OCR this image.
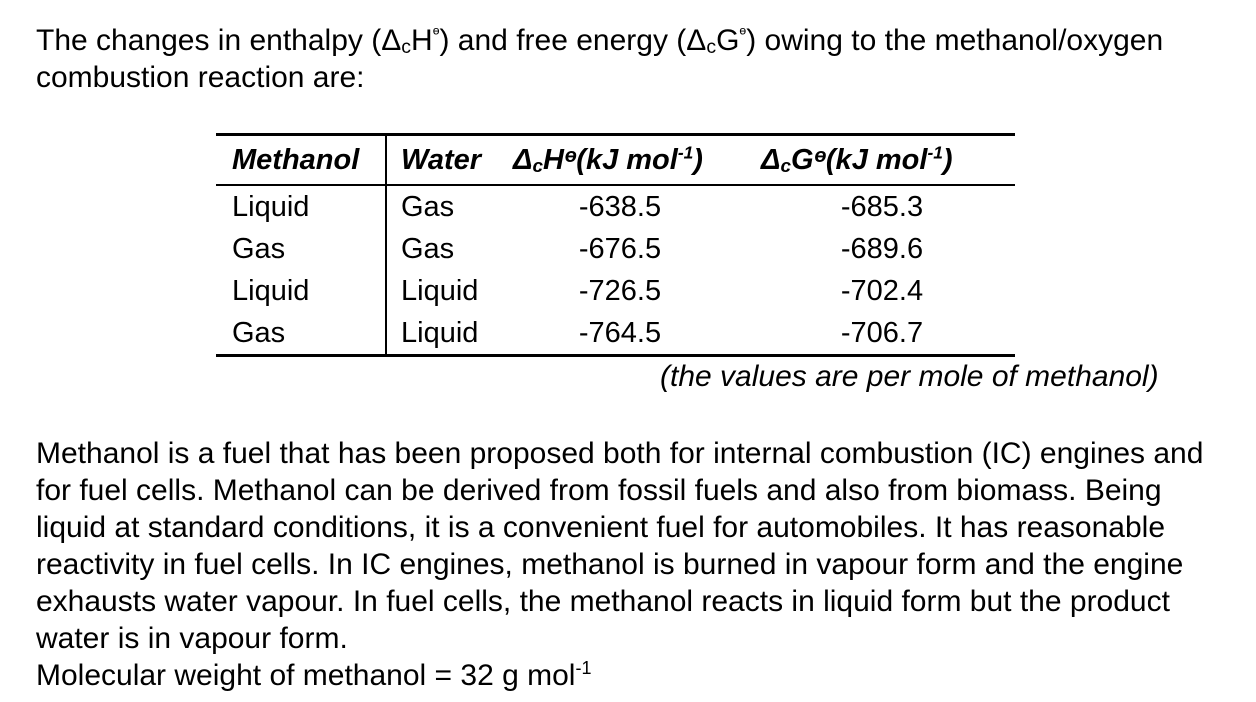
The changes in enthalpy $(\Delta_cH^ᶱ)$ and free energy $(\Delta_cG^ᶱ)$ owing to the methanol/oxygen combustion reaction are:

Methanol	Water	$\Delta_cHᶱ(kJ$ mol$^{-1}$)	$\Delta_cGᶱ(kJ$ mol$^{-1}$)
Liquid	Gas	-638.5	-685.3
Gas	Gas	-676.5	-689.6
Liquid	Liquid	-726.5	-702.4
Gas	Liquid	-764.5	-706.7
(the values are per mole of methanol)

Methanol is a fuel that has been proposed both for internal combustion (IC) engines and for fuel cells. Methanol can be derived from fossil fuels and also from biomass. Being liquid at standard conditions, it is a convenient fuel for automobiles. It has reasonable reactivity in fuel cells. In IC engines, methanol is burned in vapour form and the engine exhausts water vapour. In fuel cells, the methanol reacts in liquid form but the product water is in vapour form.
Molecular weight of methanol = 32 g mol$^{-1}$
